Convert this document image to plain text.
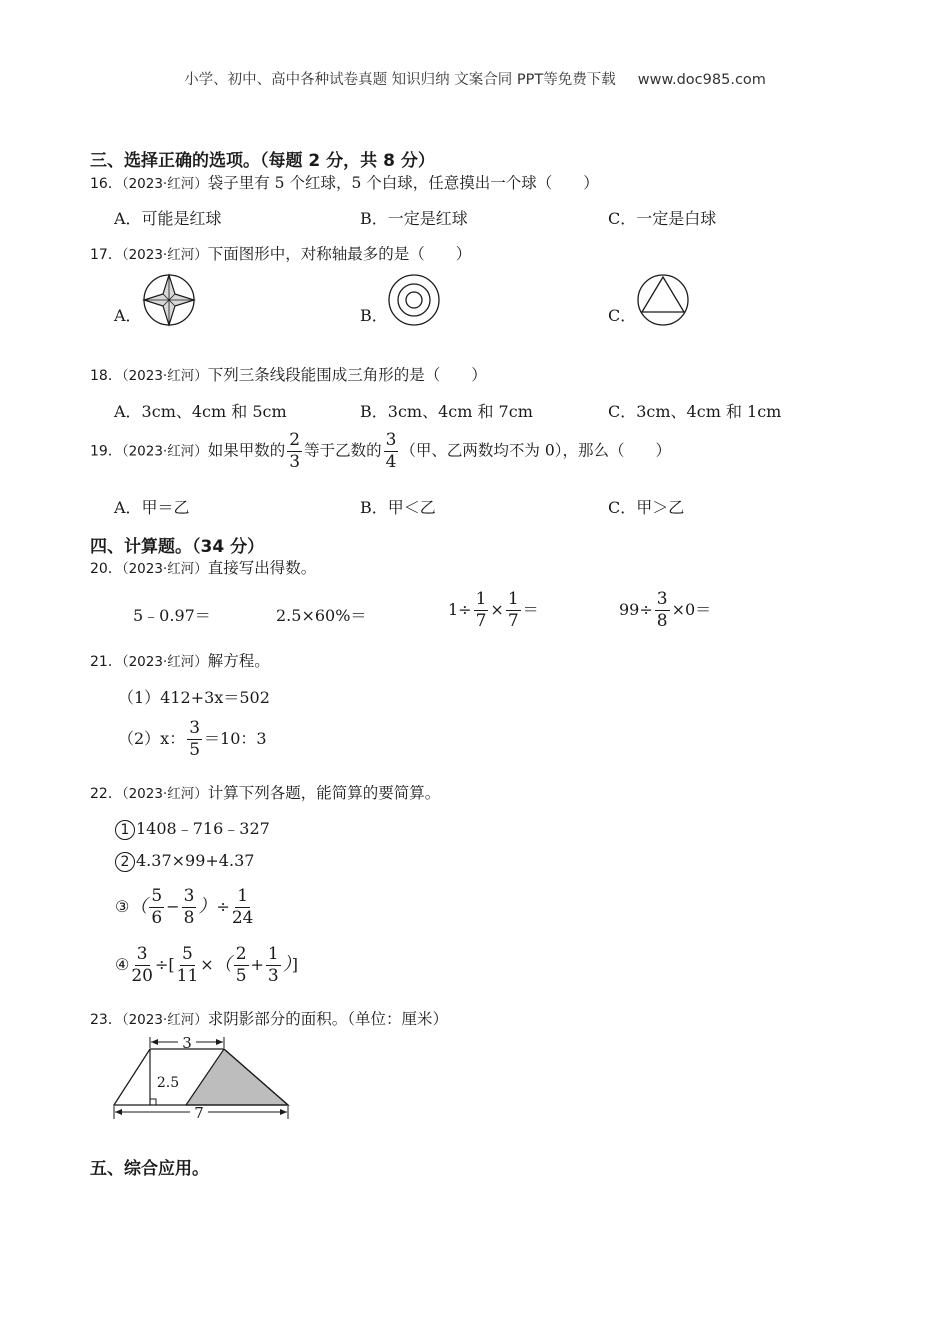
小学、初中、高中各种试卷真题 知识归纳 文案合同 PPT等免费下载 www.doc985.com
三、选择正确的选项。（每题 2 分，共 8 分）
16．（2023·红河）袋子里有 5 个红球，5 个白球，任意摸出一个球（　　）
A．可能是红球	B．一定是红球	C．一定是白球
17．（2023·红河）下面图形中，对称轴最多的是（　　）
A．	B．	C．
18．（2023·红河）下列三条线段能围成三角形的是（　　）
A．3cm、4cm 和 5cm	B．3cm、4cm 和 7cm	C．3cm、4cm 和 1cm
19．（2023·红河）如果甲数的 $\frac{2}{3}$ 等于乙数的 $\frac{3}{4}$ （甲、乙两数均不为 0），那么（　　）
A．甲＝乙	B．甲＜乙	C．甲＞乙
四、计算题。（34 分）
20．（2023·红河）直接写出得数。
5﹣0.97＝	2.5×60%＝	$1\div \frac{1}{7} \times \frac{1}{7}$ ＝	$99\div \frac{3}{8} \times 0=$
21．（2023·红河）解方程。
（1）412+3x＝502
（2）x： $\frac{3}{5} =10$：3
22．（2023·红河）计算下列各题，能简算的要简算。
1 1408﹣716﹣327
2 4.37×99+4.37
③（ $\frac{5}{6} - \frac{3}{8}$ ）÷ $\frac{1}{24}$
④ $\frac{3}{20}$ ÷[ $\frac{5}{11}$ ×（ $\frac{2}{5} + \frac{1}{3}$ ）]
23．（2023·红河）求阴影部分的面积。（单位：厘米）
3
2.5
7
五、综合应用。
